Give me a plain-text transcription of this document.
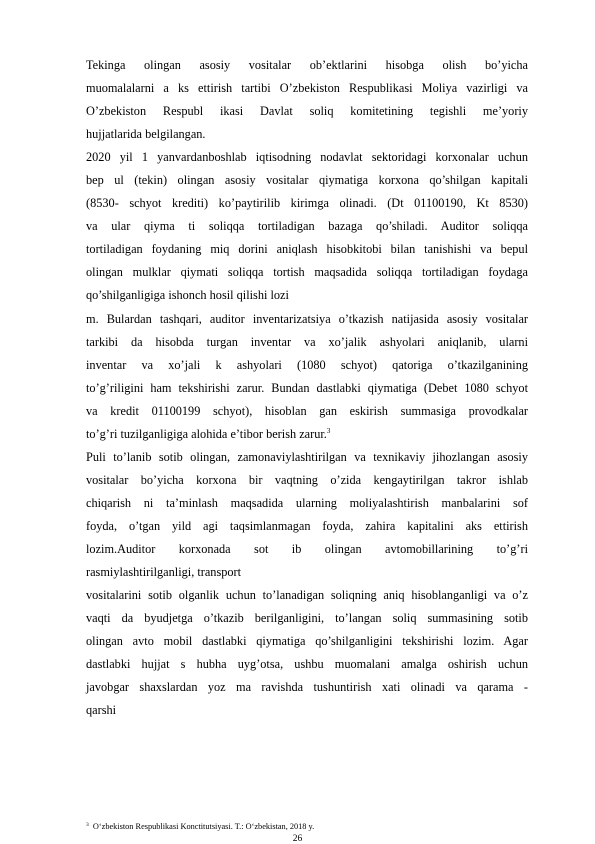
Tekinga olingan asosiy vositalar ob’ektlarini hisobga olish bo’yicha

muomalalarni a ks ettirish tartibi O’zbekiston Respublikasi Moliya vazirligi va

O’zbekiston Respubl ikasi Davlat soliq komitetining tegishli me’yoriy

hujjatlarida belgilangan.

2020 yil 1 yanvardanboshlab iqtisodning nodavlat sektoridagi korxonalar uchun

bep ul (tekin) olingan asosiy vositalar qiymatiga korxona qo’shilgan kapitali

(8530- schyot krediti) ko’paytirilib kirimga olinadi. (Dt 01100190, Kt 8530)

va ular qiyma ti soliqqa tortiladigan bazaga qo’shiladi. Auditor soliqqa

tortiladigan foydaning miq dorini aniqlash hisobkitobi bilan tanishishi va bepul

olingan mulklar qiymati soliqqa tortish maqsadida soliqqa tortiladigan foydaga

qo’shilganligiga ishonch hosil qilishi lozi

m. Bulardan tashqari, auditor inventarizatsiya o’tkazish natijasida asosiy vositalar

tarkibi da hisobda turgan inventar va xo’jalik ashyolari aniqlanib, ularni

inventar va xo’jali k ashyolari (1080 schyot) qatoriga o’tkazilganining

to’g’riligini ham tekshirishi zarur. Bundan dastlabki qiymatiga (Debet 1080 schyot

va kredit 01100199 schyot), hisoblan gan eskirish summasiga provodkalar

to’g’ri tuzilganligiga alohida e’tibor berish zarur.$^3$

Puli to’lanib sotib olingan, zamonaviylashtirilgan va texnikaviy jihozlangan asosiy

vositalar bo’yicha korxona bir vaqtning o’zida kengaytirilgan takror ishlab

chiqarish ni ta’minlash maqsadida ularning moliyalashtirish manbalarini sof

foyda, o’tgan yild agi taqsimlanmagan foyda, zahira kapitalini aks ettirish

lozim.Auditor korxonada sot ib olingan avtomobillarining to’g’ri

rasmiylashtirilganligi, transport

vositalarini sotib olganlik uchun to’lanadigan soliqning aniq hisoblanganligi va o’z

vaqti da byudjetga o’tkazib berilganligini, to’langan soliq summasining sotib

olingan avto mobil dastlabki qiymatiga qo’shilganligini tekshirishi lozim. Agar

dastlabki hujjat s hubha uyg’otsa, ushbu muomalani amalga oshirish uchun

javobgar shaxslardan yoz ma ravishda tushuntirish xati olinadi va qarama -

qarshi

$^3$ O‘zbekiston Respublikasi Konctitutsiyasi. T.: O‘zbekistan, 2018 y.
26
